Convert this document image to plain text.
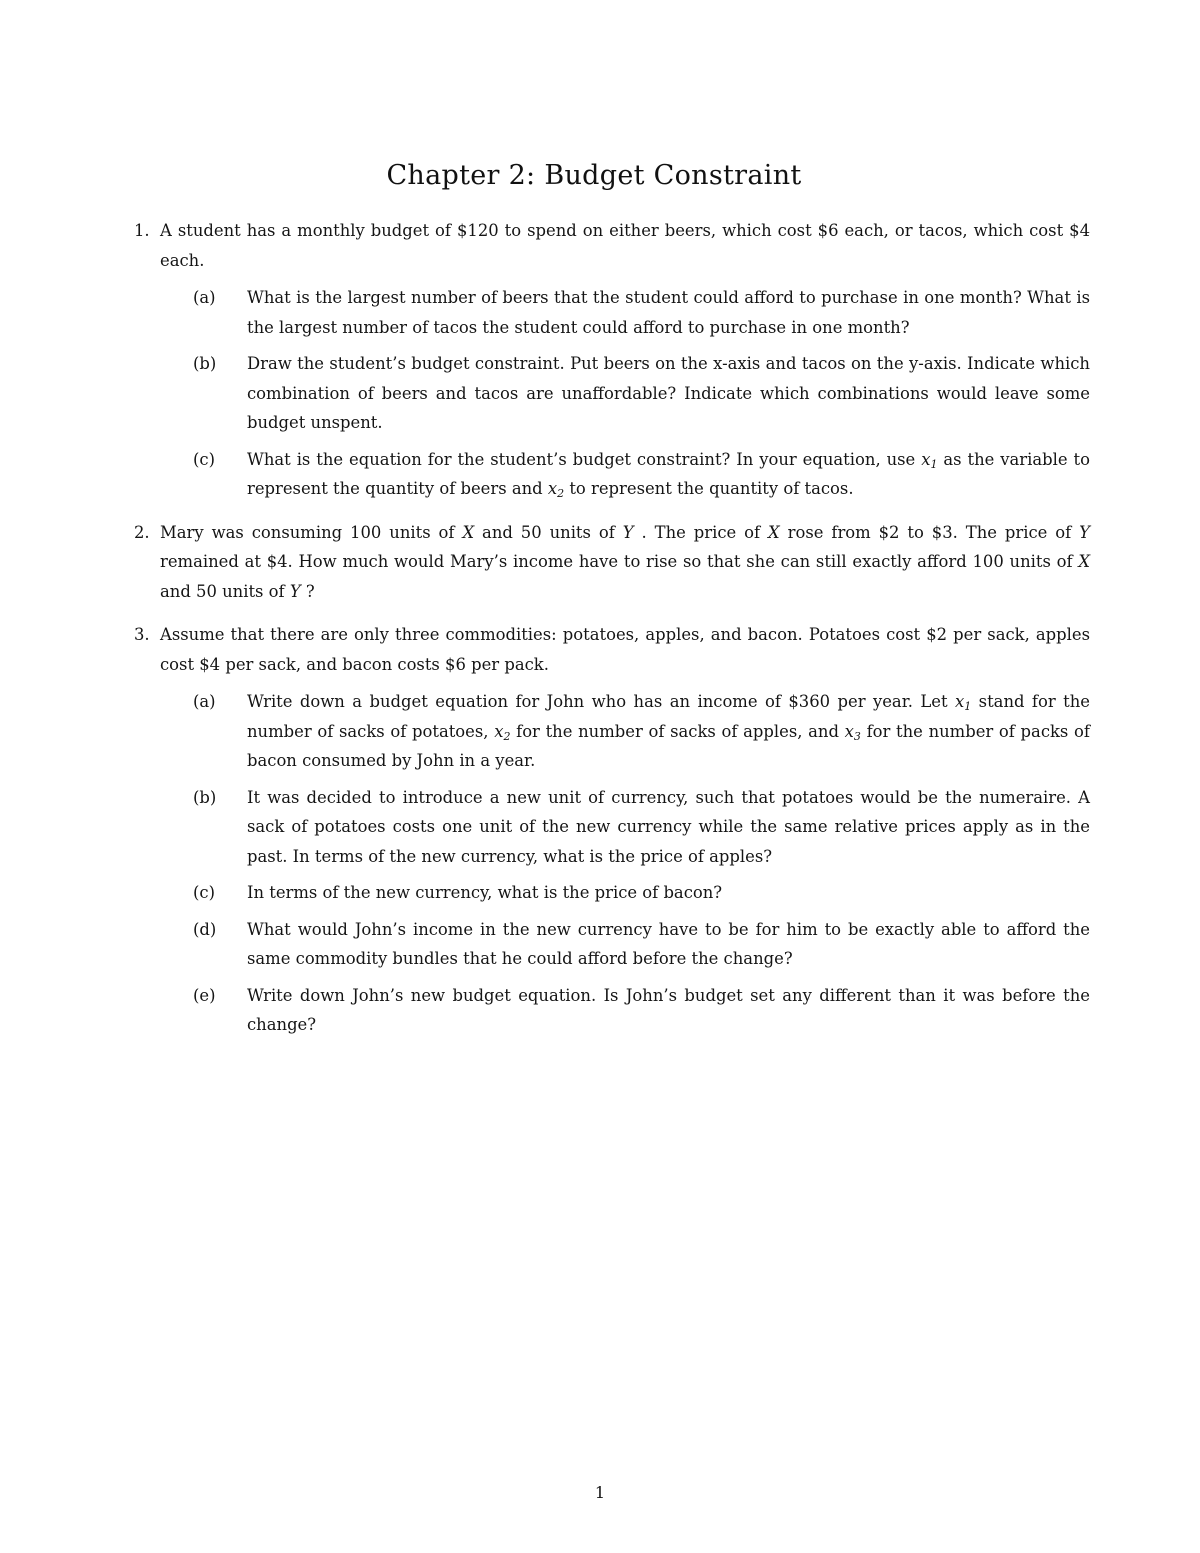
Chapter 2: Budget Constraint
1. A student has a monthly budget of $120 to spend on either beers, which cost $6 each, or tacos, which cost $4 each.
(a) What is the largest number of beers that the student could afford to purchase in one month? What is the largest number of tacos the student could afford to purchase in one month?
(b) Draw the student’s budget constraint. Put beers on the x-axis and tacos on the y-axis. Indicate which combination of beers and tacos are unaffordable? Indicate which combinations would leave some budget unspent.
(c) What is the equation for the student’s budget constraint? In your equation, use $x_1$ as the variable to represent the quantity of beers and $x_2$ to represent the quantity of tacos.
2. Mary was consuming 100 units of X and 50 units of Y . The price of X rose from $2 to $3. The price of Y remained at $4. How much would Mary’s income have to rise so that she can still exactly afford 100 units of X and 50 units of Y ?
3. Assume that there are only three commodities: potatoes, apples, and bacon. Potatoes cost $2 per sack, apples cost $4 per sack, and bacon costs $6 per pack.
(a) Write down a budget equation for John who has an income of $360 per year. Let $x_1$ stand for the number of sacks of potatoes, $x_2$ for the number of sacks of apples, and $x_3$ for the number of packs of bacon consumed by John in a year.
(b) It was decided to introduce a new unit of currency, such that potatoes would be the numeraire. A sack of potatoes costs one unit of the new currency while the same relative prices apply as in the past. In terms of the new currency, what is the price of apples?
(c) In terms of the new currency, what is the price of bacon?
(d) What would John’s income in the new currency have to be for him to be exactly able to afford the same commodity bundles that he could afford before the change?
(e) Write down John’s new budget equation. Is John’s budget set any different than it was before the change?
1
